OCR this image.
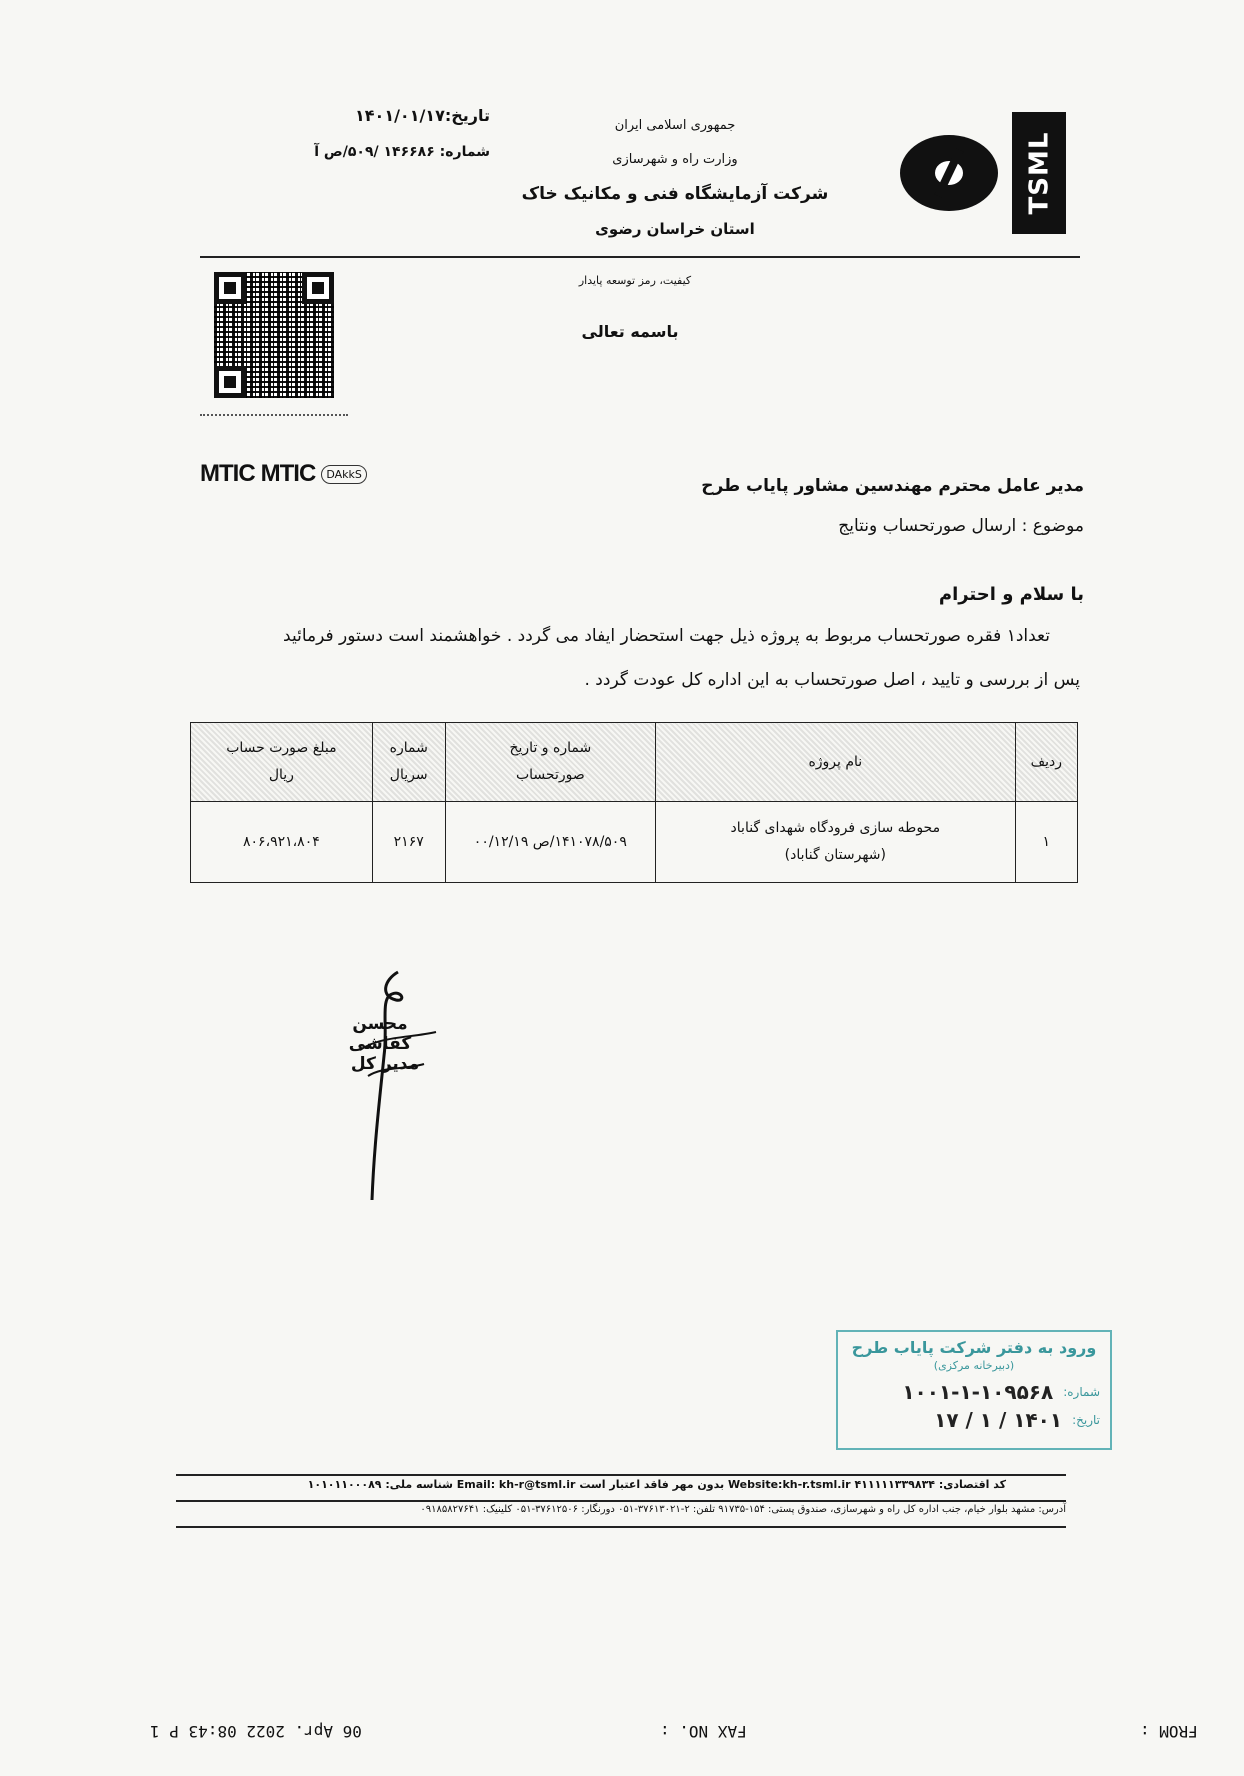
TSML
جمهوری اسلامی ایران
وزارت راه و شهرسازی
شرکت آزمایشگاه فنی و مکانیک خاک
استان خراسان رضوی
تاریخ:۱۴۰۱/۰۱/۱۷
شماره: ۱۴۶۶۸۶ /۵۰۹/ص آ
کیفیت، رمز توسعه پایدار
باسمه تعالی
MTIC MTIC	DAkkS
مدیر عامل محترم مهندسین مشاور پایاب طرح
موضوع : ارسال صورتحساب ونتایج
با سلام و احترام
تعداد۱ فقره صورتحساب مربوط به پروژه ذیل جهت استحضار ایفاد می گردد . خواهشمند است دستور فرمائید
پس از بررسی و تایید ، اصل صورتحساب به این اداره کل عودت گردد .
ردیف	نام پروژه	شماره و تاریخ صورتحساب	شماره سریال	مبلغ صورت حساب ریال

۱	محوطه سازی فرودگاه شهدای گناباد
(شهرستان گناباد)	۱۴۱۰۷۸/۵۰۹/ص ۰۰/۱۲/۱۹	۲۱۶۷	۸۰۶،۹۲۱،۸۰۴
محسن کفاشی
مدیر کل
ورود به دفتر شرکت پایاب طرح
(دبیرخانه مرکزی)
شماره:
۱۰۰۱-۱-۱۰۹۵۶۸
تاریخ:
۱۴۰۱ / ۱ / ۱۷
کد اقتصادی: ۴۱۱۱۱۱۳۳۹۸۳۴ Website:kh-r.tsml.ir بدون مهر فاقد اعتبار است Email: kh-r@tsml.ir شناسه ملی: ۱۰۱۰۱۱۰۰۰۸۹
آدرس: مشهد بلوار خیام، جنب اداره کل راه و شهرسازی، صندوق پستی: ۱۵۴-۹۱۷۳۵ تلفن: ۲-۳۷۶۱۳۰۲۱-۰۵۱ دورنگار: ۳۷۶۱۲۵۰۶-۰۵۱ کلینیک: ۰۹۱۸۵۸۲۷۶۴۱
FROM :
FAX NO. :
06 Apr. 2022 08:43 P 1
